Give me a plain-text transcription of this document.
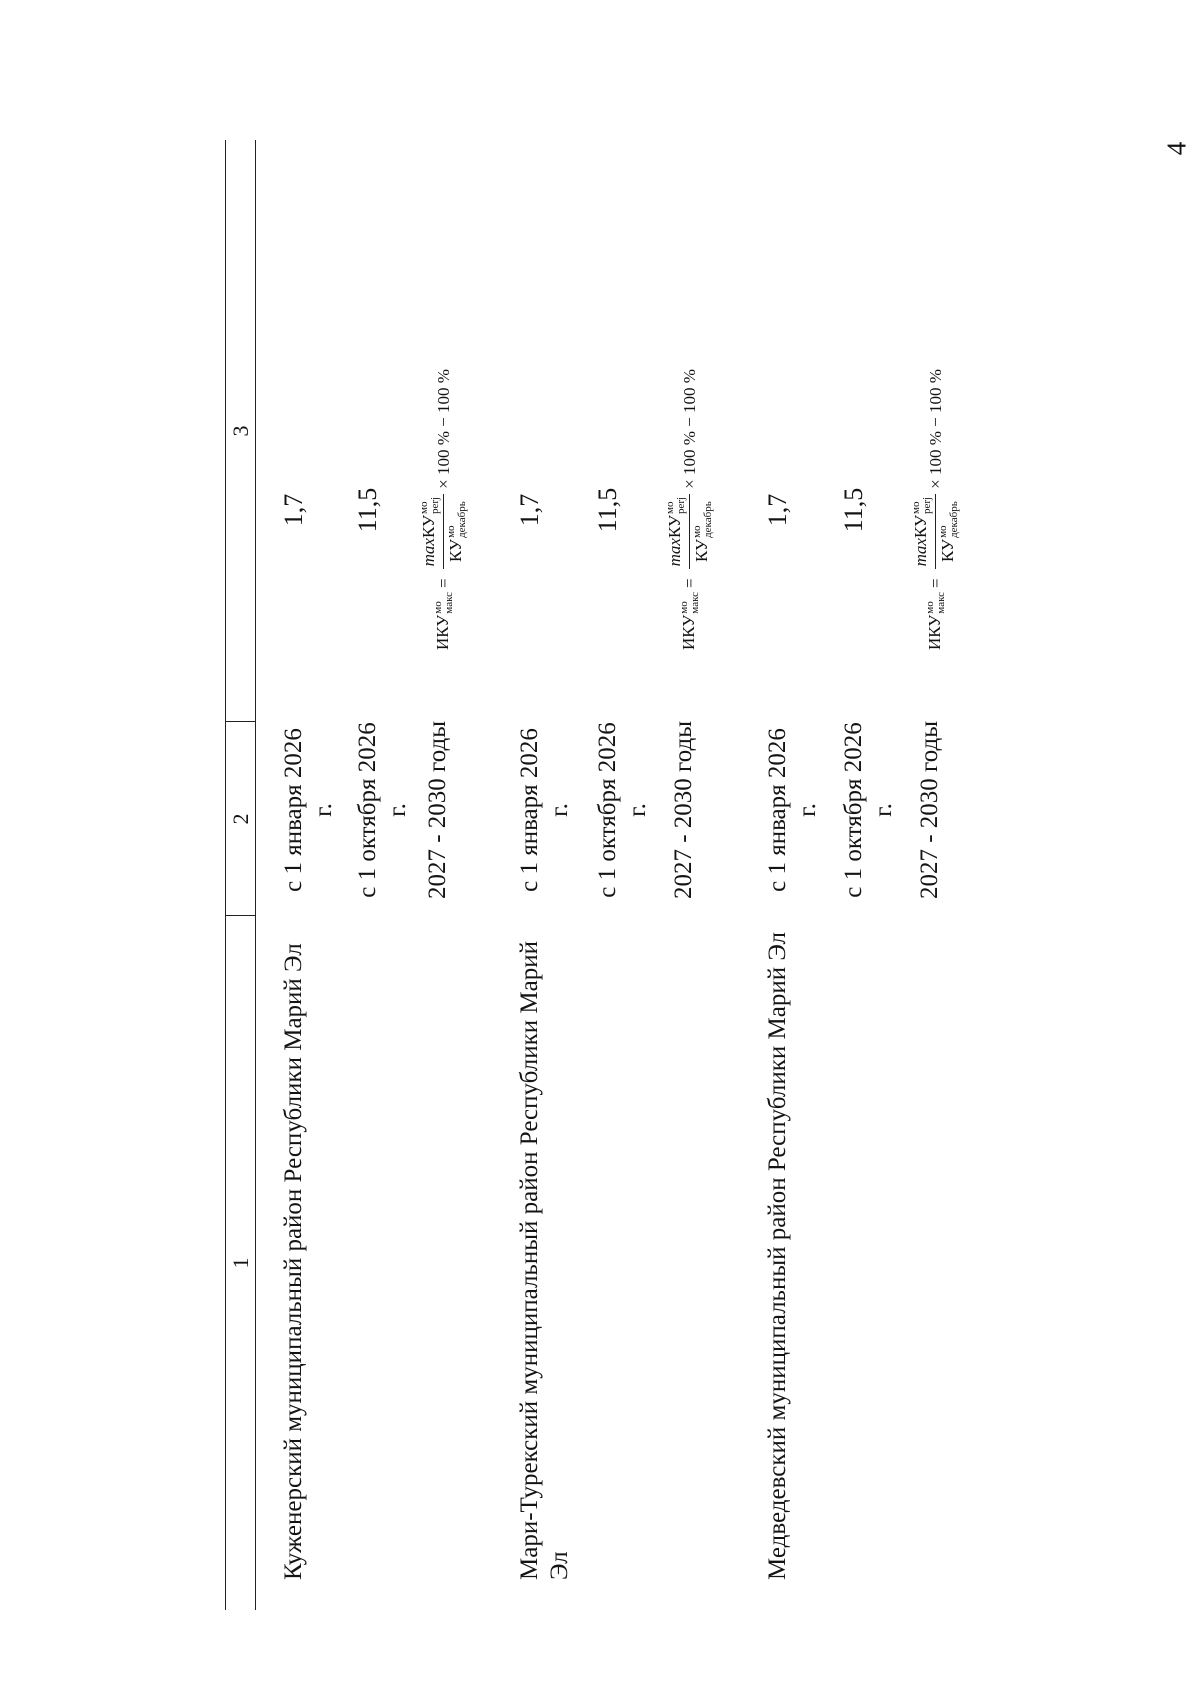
4
1
2
3
Куженерский муниципальный район Республики Марий Эл
с 1 января 2026 г.
1,7
с 1 октября 2026 г.
11,5
2027 - 2030 годы
ИКУ
мо макс
=
maxКУ
мо perj
КУ
мо декабрь
× 100 % − 100 %
Мари-Турекский муниципальный район Республики Марий Эл
с 1 января 2026 г.
1,7
с 1 октября 2026 г.
11,5
2027 - 2030 годы
ИКУ
мо макс
=
maxКУ
мо perj
КУ
мо декабрь
× 100 % − 100 %
Медведевский муниципальный район Республики Марий Эл
с 1 января 2026 г.
1,7
с 1 октября 2026 г.
11,5
2027 - 2030 годы
ИКУ
мо макс
=
maxКУ
мо perj
КУ
мо декабрь
× 100 % − 100 %
